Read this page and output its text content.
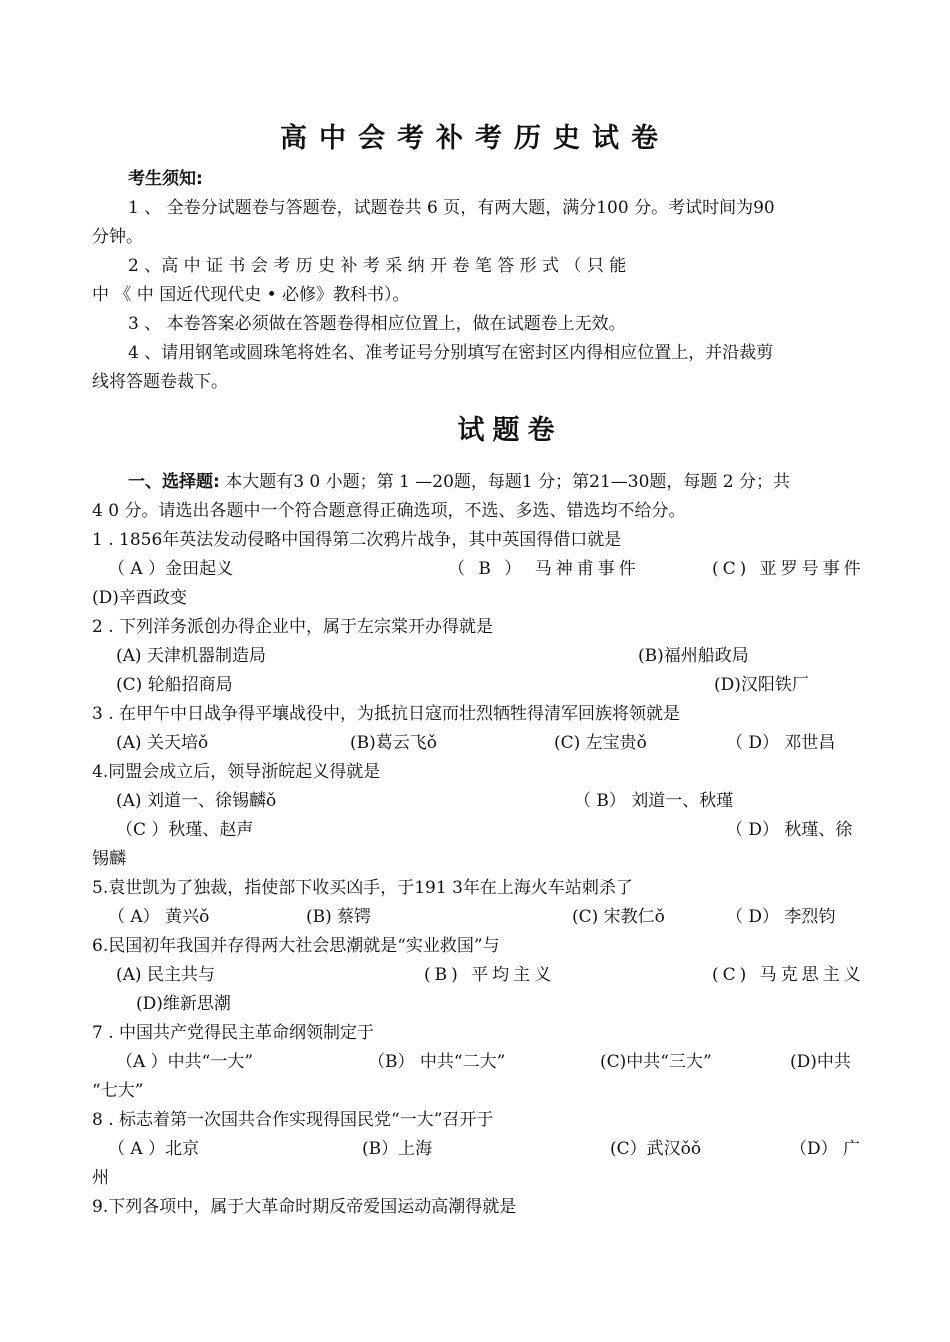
高中会考补考历史试卷
考生须知:
1 、 全卷分试题卷与答题卷，试题卷共 6 页，有两大题，满分100 分。考试时间为90
分钟。
2 、高 中 证 书 会 考 历 史 补 考 采 纳 开 卷 笔 答 形 式 （ 只 能
中 《 中 国近代现代史 • 必修》教科书）。
3 、 本卷答案必须做在答题卷得相应位置上，做在试题卷上无效。
4 、请用钢笔或圆珠笔将姓名、准考证号分别填写在密封区内得相应位置上，并沿裁剪
线将答题卷裁下。
试题卷
一、选择题: 本大题有3 0 小题；第 1 —20题，每题1 分；第21—30题，每题 2 分；共
4 0 分。请选出各题中一个符合题意得正确选项，不选、多选、错选均不给分。
1 . 1856年英法发动侵略中国得第二次鸦片战争，其中英国得借口就是
（ A ）金田起义	（ B ） 马神甫事件	(C) 亚罗号事件
(D)辛酉政变
2 . 下列洋务派创办得企业中，属于左宗棠开办得就是
(A) 天津机器制造局	(B)福州船政局
(C) 轮船招商局	(D)汉阳铁厂
3 . 在甲午中日战争得平壤战役中，为抵抗日寇而壮烈牺牲得清军回族将领就是
(A) 关天培ǒ	(B)葛云飞ǒ	(C) 左宝贵ǒ	（ D） 邓世昌
4.同盟会成立后，领导浙皖起义得就是
(A) 刘道一、徐锡麟ǒ	（ B） 刘道一、秋瑾
（C ）秋瑾、赵声	（ D） 秋瑾、徐
锡麟
5.袁世凯为了独裁，指使部下收买凶手，于191 3年在上海火车站刺杀了
（ A） 黄兴ǒ	(B) 蔡锷	(C) 宋教仁ǒ	（ D） 李烈钧
6.民国初年我国并存得两大社会思潮就是“实业救国”与
(A) 民主共与	(B) 平均主义	(C) 马克思主义
(D)维新思潮
7 . 中国共产党得民主革命纲领制定于
（A ）中共“一大”	（B） 中共“二大”	(C)中共“三大”	(D)中共
“七大”
8 . 标志着第一次国共合作实现得国民党“一大”召开于
（ A ）北京	(B）上海	(C）武汉ǒǒ	（D） 广
州
9.下列各项中，属于大革命时期反帝爱国运动高潮得就是
